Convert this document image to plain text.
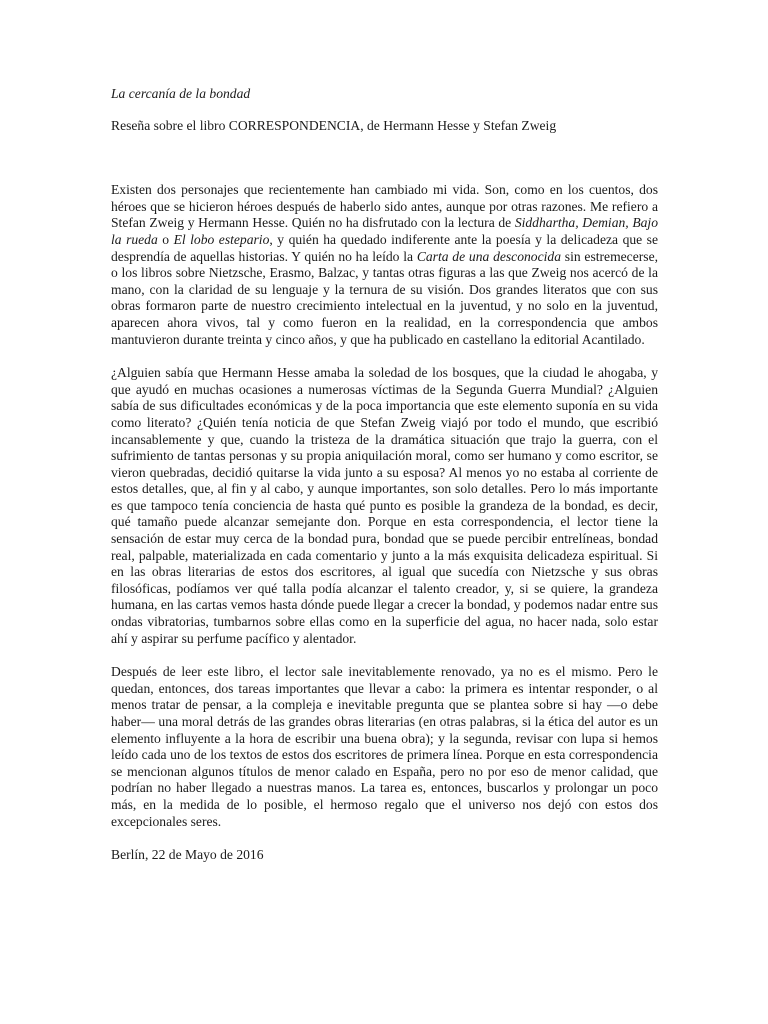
La cercanía de la bondad

Reseña sobre el libro CORRESPONDENCIA, de Hermann Hesse y Stefan Zweig

Existen dos personajes que recientemente han cambiado mi vida. Son, como en los cuentos, dos héroes que se hicieron héroes después de haberlo sido antes, aunque por otras razones. Me refiero a Stefan Zweig y Hermann Hesse. Quién no ha disfrutado con la lectura de Siddhartha, Demian, Bajo la rueda o El lobo estepario, y quién ha quedado indiferente ante la poesía y la delicadeza que se desprendía de aquellas historias. Y quién no ha leído la Carta de una desconocida sin estremecerse, o los libros sobre Nietzsche, Erasmo, Balzac, y tantas otras figuras a las que Zweig nos acercó de la mano, con la claridad de su lenguaje y la ternura de su visión. Dos grandes literatos que con sus obras formaron parte de nuestro crecimiento intelectual en la juventud, y no solo en la juventud, aparecen ahora vivos, tal y como fueron en la realidad, en la correspondencia que ambos mantuvieron durante treinta y cinco años, y que ha publicado en castellano la editorial Acantilado.

¿Alguien sabía que Hermann Hesse amaba la soledad de los bosques, que la ciudad le ahogaba, y que ayudó en muchas ocasiones a numerosas víctimas de la Segunda Guerra Mundial? ¿Alguien sabía de sus dificultades económicas y de la poca importancia que este elemento suponía en su vida como literato? ¿Quién tenía noticia de que Stefan Zweig viajó por todo el mundo, que escribió incansablemente y que, cuando la tristeza de la dramática situación que trajo la guerra, con el sufrimiento de tantas personas y su propia aniquilación moral, como ser humano y como escritor, se vieron quebradas, decidió quitarse la vida junto a su esposa? Al menos yo no estaba al corriente de estos detalles, que, al fin y al cabo, y aunque importantes, son solo detalles. Pero lo más importante es que tampoco tenía conciencia de hasta qué punto es posible la grandeza de la bondad, es decir, qué tamaño puede alcanzar semejante don. Porque en esta correspondencia, el lector tiene la sensación de estar muy cerca de la bondad pura, bondad que se puede percibir entrelíneas, bondad real, palpable, materializada en cada comentario y junto a la más exquisita delicadeza espiritual. Si en las obras literarias de estos dos escritores, al igual que sucedía con Nietzsche y sus obras filosóficas, podíamos ver qué talla podía alcanzar el talento creador, y, si se quiere, la grandeza humana, en las cartas vemos hasta dónde puede llegar a crecer la bondad, y podemos nadar entre sus ondas vibratorias, tumbarnos sobre ellas como en la superficie del agua, no hacer nada, solo estar ahí y aspirar su perfume pacífico y alentador.

Después de leer este libro, el lector sale inevitablemente renovado, ya no es el mismo. Pero le quedan, entonces, dos tareas importantes que llevar a cabo: la primera es intentar responder, o al menos tratar de pensar, a la compleja e inevitable pregunta que se plantea sobre si hay —o debe haber— una moral detrás de las grandes obras literarias (en otras palabras, si la ética del autor es un elemento influyente a la hora de escribir una buena obra); y la segunda, revisar con lupa si hemos leído cada uno de los textos de estos dos escritores de primera línea. Porque en esta correspondencia se mencionan algunos títulos de menor calado en España, pero no por eso de menor calidad, que podrían no haber llegado a nuestras manos. La tarea es, entonces, buscarlos y prolongar un poco más, en la medida de lo posible, el hermoso regalo que el universo nos dejó con estos dos excepcionales seres.

Berlín, 22 de Mayo de 2016
